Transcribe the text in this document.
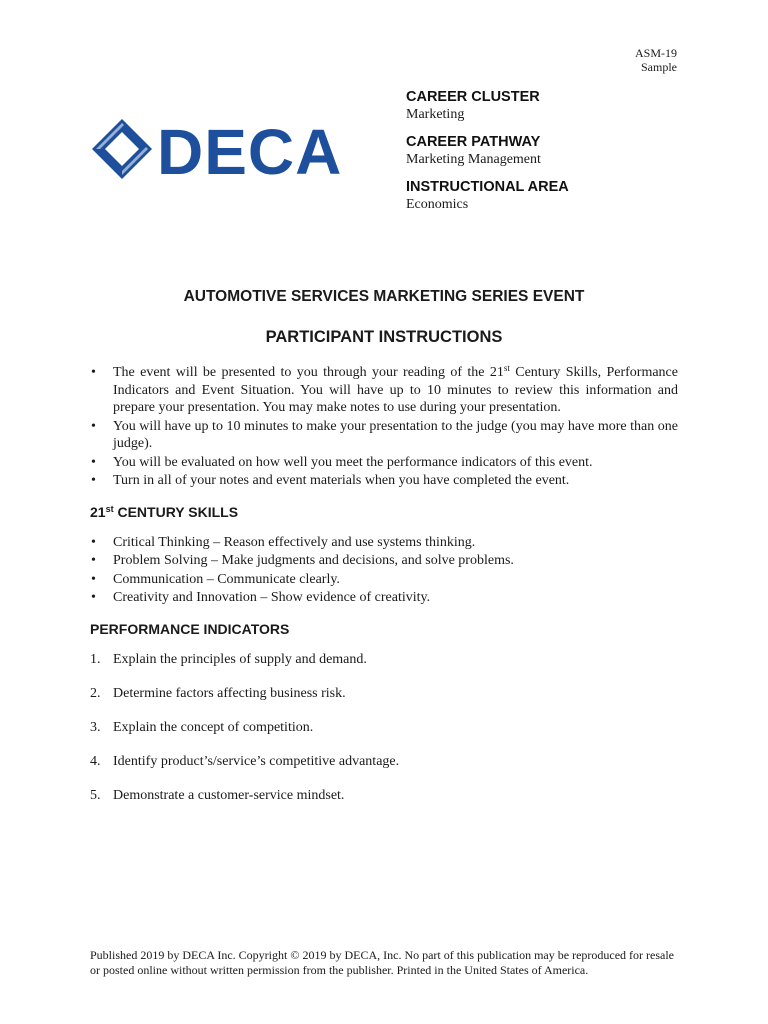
ASM-19
Sample
DECA
CAREER CLUSTER
Marketing
CAREER PATHWAY
Marketing Management
INSTRUCTIONAL AREA
Economics
AUTOMOTIVE SERVICES MARKETING SERIES EVENT
PARTICIPANT INSTRUCTIONS
• The event will be presented to you through your reading of the 21st Century Skills, Performance Indicators and Event Situation. You will have up to 10 minutes to review this information and prepare your presentation. You may make notes to use during your presentation.
• You will have up to 10 minutes to make your presentation to the judge (you may have more than one judge).
• You will be evaluated on how well you meet the performance indicators of this event.
• Turn in all of your notes and event materials when you have completed the event.
21st CENTURY SKILLS
• Critical Thinking – Reason effectively and use systems thinking.
• Problem Solving – Make judgments and decisions, and solve problems.
• Communication – Communicate clearly.
• Creativity and Innovation – Show evidence of creativity.
PERFORMANCE INDICATORS
1. Explain the principles of supply and demand.
2. Determine factors affecting business risk.
3. Explain the concept of competition.
4. Identify product’s/service’s competitive advantage.
5. Demonstrate a customer-service mindset.
Published 2019 by DECA Inc. Copyright © 2019 by DECA, Inc. No part of this publication may be reproduced for resale or posted online without written permission from the publisher. Printed in the United States of America.
